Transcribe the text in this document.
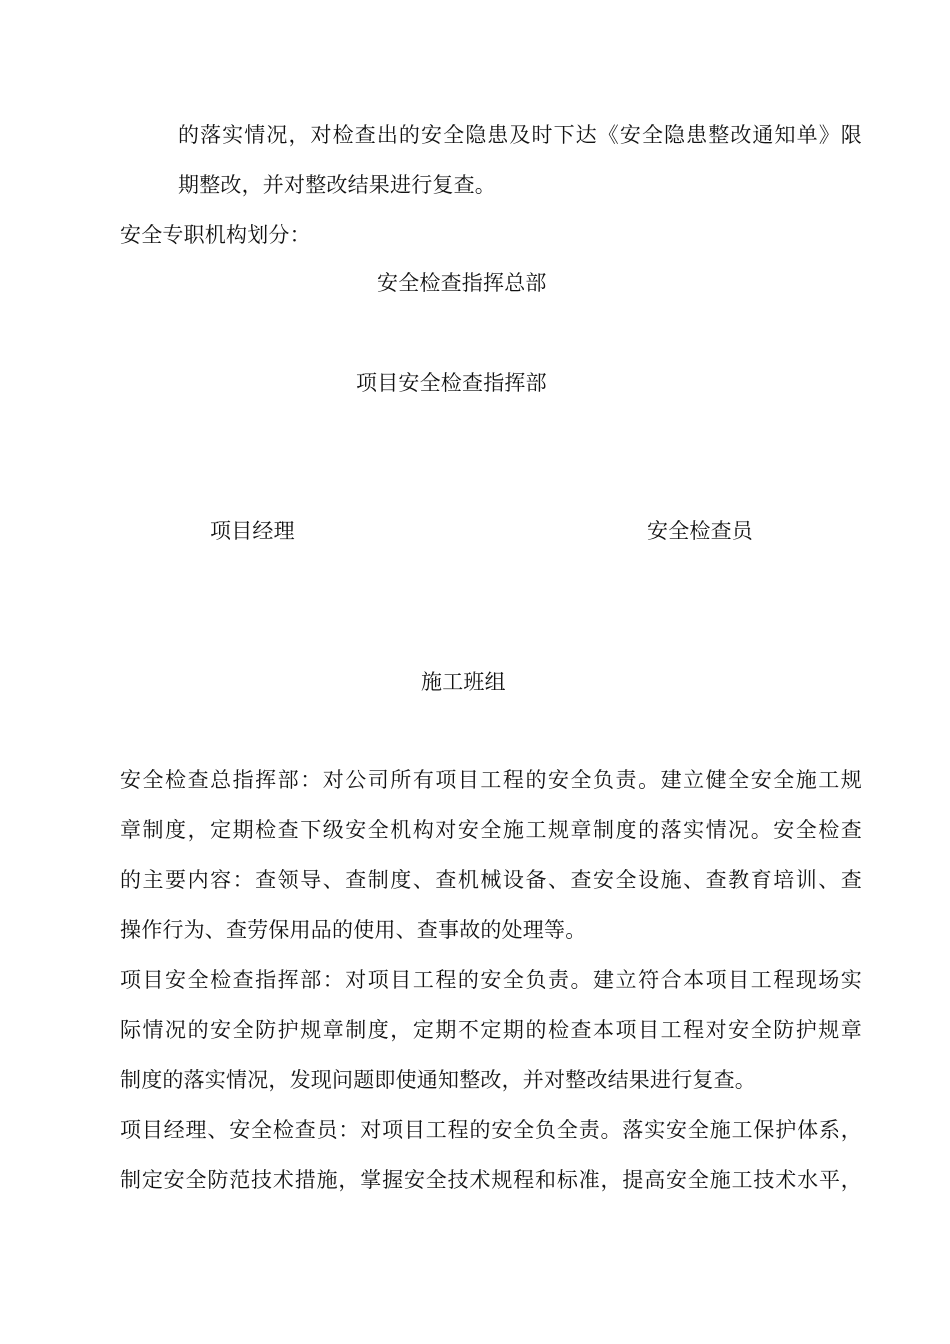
的落实情况，对检查出的安全隐患及时下达《安全隐患整改通知单》限
期整改，并对整改结果进行复查。
安全专职机构划分：
安全检查指挥总部
项目安全检查指挥部
项目经理	安全检查员
施工班组
安全检查总指挥部：对公司所有项目工程的安全负责。建立健全安全施工规
章制度，定期检查下级安全机构对安全施工规章制度的落实情况。安全检查
的主要内容：查领导、查制度、查机械设备、查安全设施、查教育培训、查
操作行为、查劳保用品的使用、查事故的处理等。
项目安全检查指挥部：对项目工程的安全负责。建立符合本项目工程现场实
际情况的安全防护规章制度，定期不定期的检查本项目工程对安全防护规章
制度的落实情况，发现问题即使通知整改，并对整改结果进行复查。
项目经理、安全检查员：对项目工程的安全负全责。落实安全施工保护体系，
制定安全防范技术措施，掌握安全技术规程和标准，提高安全施工技术水平，
